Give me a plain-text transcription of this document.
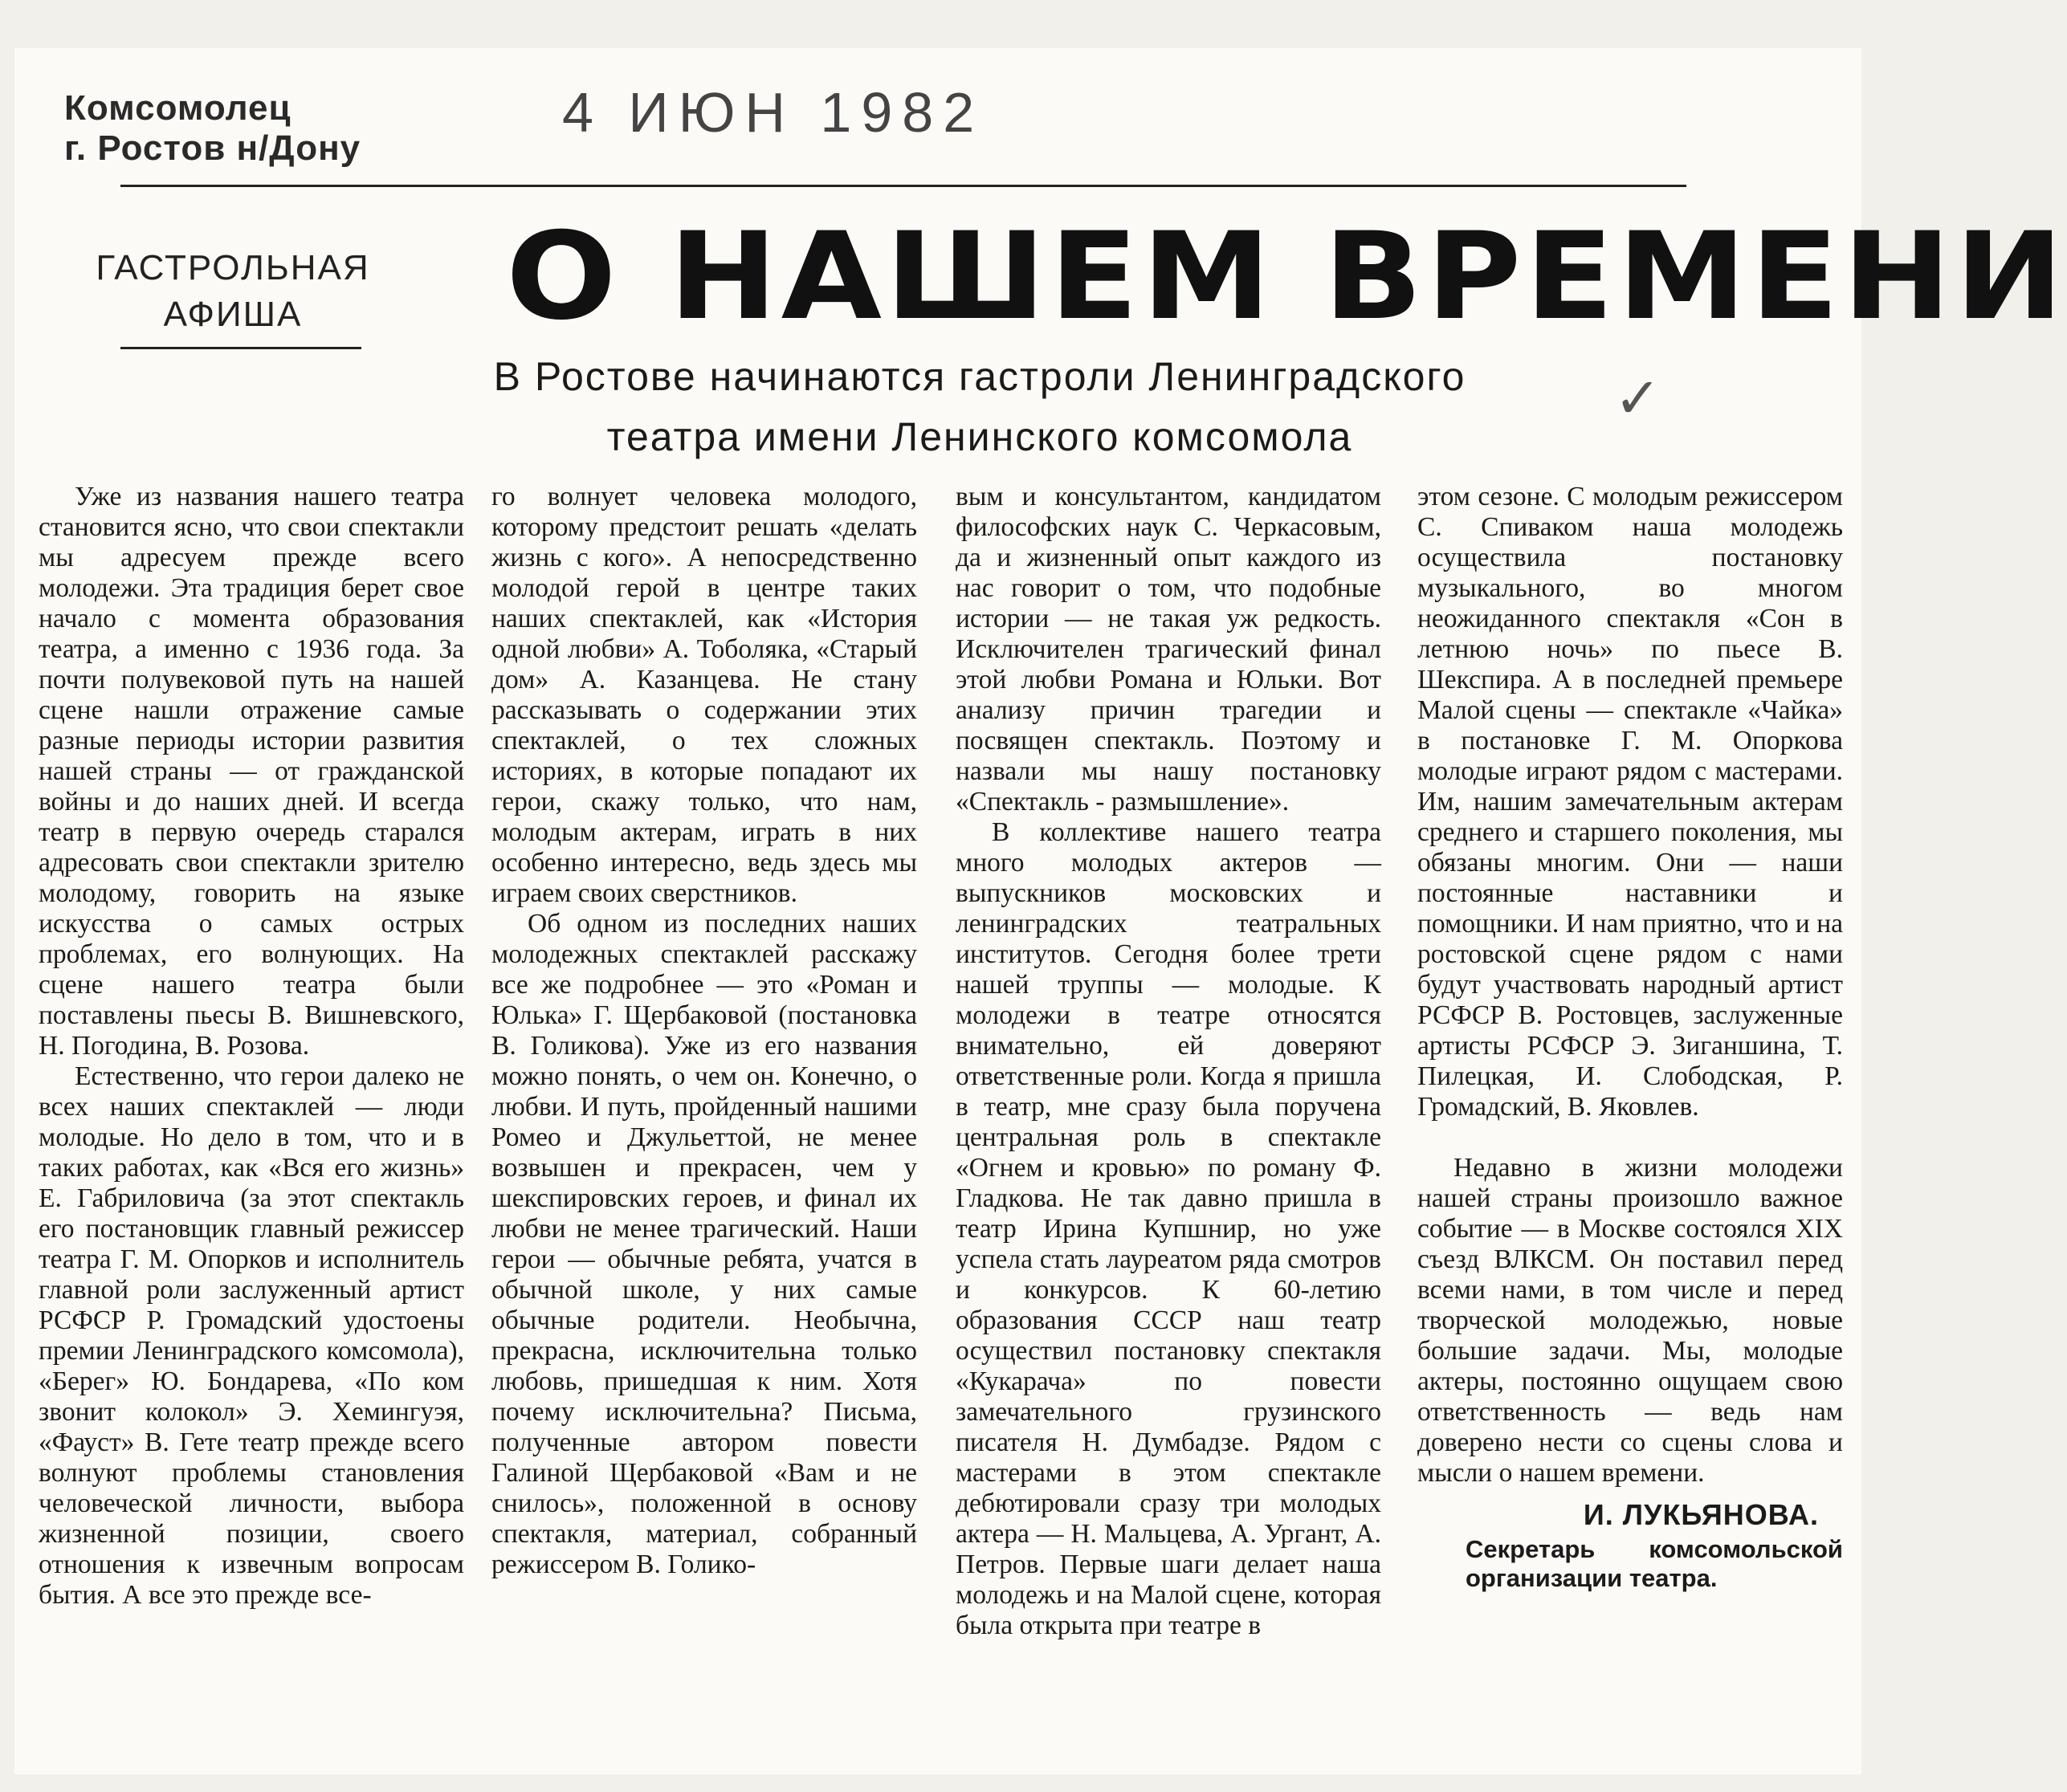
Комсомолец
г. Ростов н/Дону
4 ИЮН 1982
ГАСТРОЛЬНАЯ
АФИША	О НАШЕМ ВРЕМЕНИ
В Ростове начинаются гастроли Ленинградского
театра имени Ленинского комсомола
✓

Уже из названия нашего театра становится ясно, что свои спектакли мы адресуем прежде всего молодежи. Эта традиция берет свое начало с момента образования театра, а именно с 1936 года. За почти полувековой путь на нашей сцене нашли отражение самые разные периоды истории развития нашей страны — от гражданской войны и до наших дней. И всегда театр в первую очередь старался адресовать свои спектакли зрителю молодому, говорить на языке искусства о самых острых проблемах, его волнующих. На сцене нашего театра были поставлены пьесы В. Вишневского, Н. Погодина, В. Розова.

Естественно, что герои далеко не всех наших спектаклей — люди молодые. Но дело в том, что и в таких работах, как «Вся его жизнь» Е. Габриловича (за этот спектакль его постановщик главный режиссер театра Г. М. Опорков и исполнитель главной роли заслуженный артист РСФСР Р. Громадский удостоены премии Ленинградского комсомола), «Берег» Ю. Бондарева, «По ком звонит колокол» Э. Хемингуэя, «Фауст» В. Гете театр прежде всего волнуют проблемы становления человеческой личности, выбора жизненной позиции, своего отношения к извечным вопросам бытия. А все это прежде все-

го волнует человека молодого, которому предстоит решать «делать жизнь с кого». А непосредственно молодой герой в центре таких наших спектаклей, как «История одной любви» А. Тоболяка, «Старый дом» А. Казанцева. Не стану рассказывать о содержании этих спектаклей, о тех сложных историях, в которые попадают их герои, скажу только, что нам, молодым актерам, играть в них особенно интересно, ведь здесь мы играем своих сверстников.

Об одном из последних наших молодежных спектаклей расскажу все же подробнее — это «Роман и Юлька» Г. Щербаковой (постановка В. Голикова). Уже из его названия можно понять, о чем он. Конечно, о любви. И путь, пройденный нашими Ромео и Джульеттой, не менее возвышен и прекрасен, чем у шекспировских героев, и финал их любви не менее трагический. Наши герои — обычные ребята, учатся в обычной школе, у них самые обычные родители. Необычна, прекрасна, исключительна только любовь, пришедшая к ним. Хотя почему исключительна? Письма, полученные автором повести Галиной Щербаковой «Вам и не снилось», положенной в основу спектакля, материал, собранный режиссером В. Голико-

вым и консультантом, кандидатом философских наук С. Черкасовым, да и жизненный опыт каждого из нас говорит о том, что подобные истории — не такая уж редкость. Исключителен трагический финал этой любви Романа и Юльки. Вот анализу причин трагедии и посвящен спектакль. Поэтому и назвали мы нашу постановку «Спектакль - размышление».

В коллективе нашего театра много молодых актеров — выпускников московских и ленинградских театральных институтов. Сегодня более трети нашей труппы — молодые. К молодежи в театре относятся внимательно, ей доверяют ответственные роли. Когда я пришла в театр, мне сразу была поручена центральная роль в спектакле «Огнем и кровью» по роману Ф. Гладкова. Не так давно пришла в театр Ирина Купшнир, но уже успела стать лауреатом ряда смотров и конкурсов. К 60-летию образования СССР наш театр осуществил постановку спектакля «Кукарача» по повести замечательного грузинского писателя Н. Думбадзе. Рядом с мастерами в этом спектакле дебютировали сразу три молодых актера — Н. Мальцева, А. Ургант, А. Петров. Первые шаги делает наша молодежь и на Малой сцене, которая была открыта при театре в

этом сезоне. С молодым режиссером С. Спиваком наша молодежь осуществила постановку музыкального, во многом неожиданного спектакля «Сон в летнюю ночь» по пьесе В. Шекспира. А в последней премьере Малой сцены — спектакле «Чайка» в постановке Г. М. Опоркова молодые играют рядом с мастерами. Им, нашим замечательным актерам среднего и старшего поколения, мы обязаны многим. Они — наши постоянные наставники и помощники. И нам приятно, что и на ростовской сцене рядом с нами будут участвовать народный артист РСФСР В. Ростовцев, заслуженные артисты РСФСР Э. Зиганшина, Т. Пилецкая, И. Слободская, Р. Громадский, В. Яковлев.

Недавно в жизни молодежи нашей страны произошло важное событие — в Москве состоялся XIX съезд ВЛКСМ. Он поставил перед всеми нами, в том числе и перед творческой молодежью, новые большие задачи. Мы, молодые актеры, постоянно ощущаем свою ответственность — ведь нам доверено нести со сцены слова и мысли о нашем времени.

И. ЛУКЬЯНОВА.
Секретарь комсомольской организации театра.
